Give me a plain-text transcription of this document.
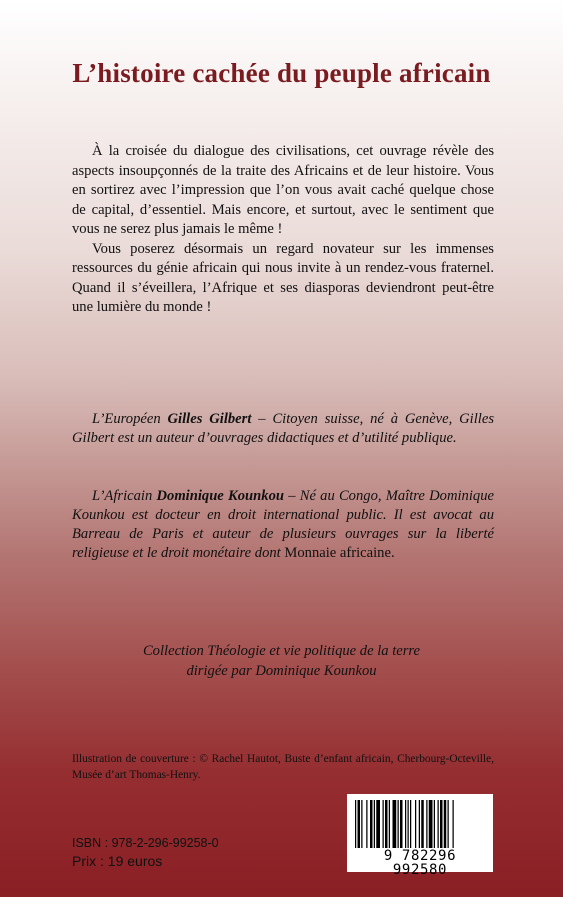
L’histoire cachée du peuple africain

À la croisée du dialogue des civilisations, cet ouvrage révèle des aspects insoupçonnés de la traite des Africains et de leur histoire. Vous en sortirez avec l’impression que l’on vous avait caché quelque chose de capital, d’essentiel. Mais encore, et surtout, avec le sentiment que vous ne serez plus jamais le même !

Vous poserez désormais un regard novateur sur les immenses ressources du génie africain qui nous invite à un rendez-vous fraternel. Quand il s’éveillera, l’Afrique et ses diasporas deviendront peut-être une lumière du monde !

L’Européen Gilles Gilbert – Citoyen suisse, né à Genève, Gilles Gilbert est un auteur d’ouvrages didactiques et d’utilité publique.

L’Africain Dominique Kounkou – Né au Congo, Maître Dominique Kounkou est docteur en droit international public. Il est avocat au Barreau de Paris et auteur de plusieurs ouvrages sur la liberté religieuse et le droit monétaire dont Monnaie africaine.

Collection Théologie et vie politique de la terre
dirigée par Dominique Kounkou

Illustration de couverture : © Rachel Hautot, Buste d’enfant africain, Cherbourg-Octeville, Musée d’art Thomas-Henry.

ISBN : 978-2-296-99258-0

Prix : 19 euros	9 782296 992580
